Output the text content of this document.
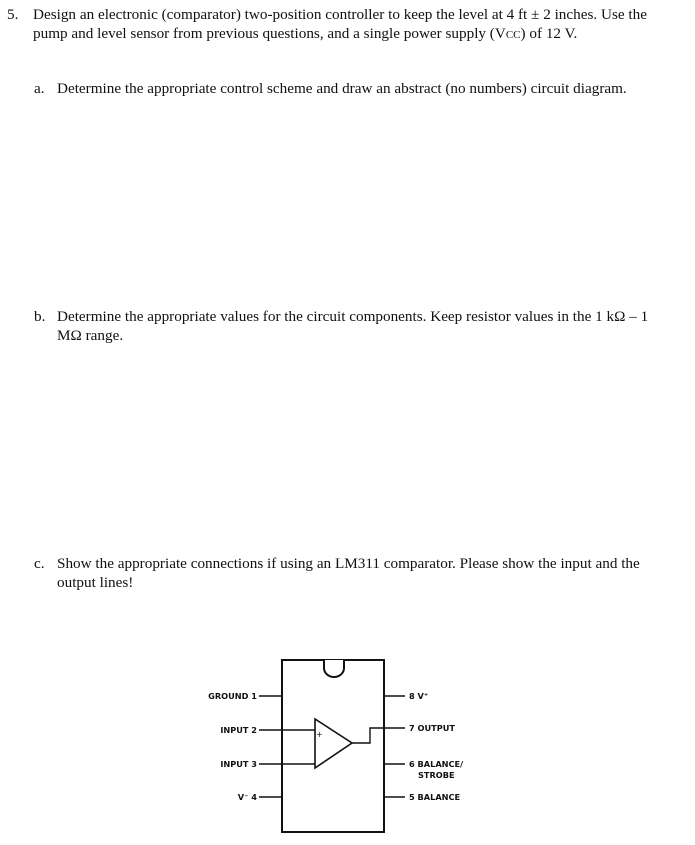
5. Design an electronic (comparator) two-position controller to keep the level at 4 ft ± 2 inches. Use the pump and level sensor from previous questions, and a single power supply (VCC) of 12 V.
a. Determine the appropriate control scheme and draw an abstract (no numbers) circuit diagram.
b. Determine the appropriate values for the circuit components. Keep resistor values in the 1 kΩ – 1 MΩ range.
c. Show the appropriate connections if using an LM311 comparator. Please show the input and the output lines!
+
GROUND 1
INPUT 2
INPUT 3
V⁻ 4
8 V⁺
7 OUTPUT
6 BALANCE/
STROBE
5 BALANCE
